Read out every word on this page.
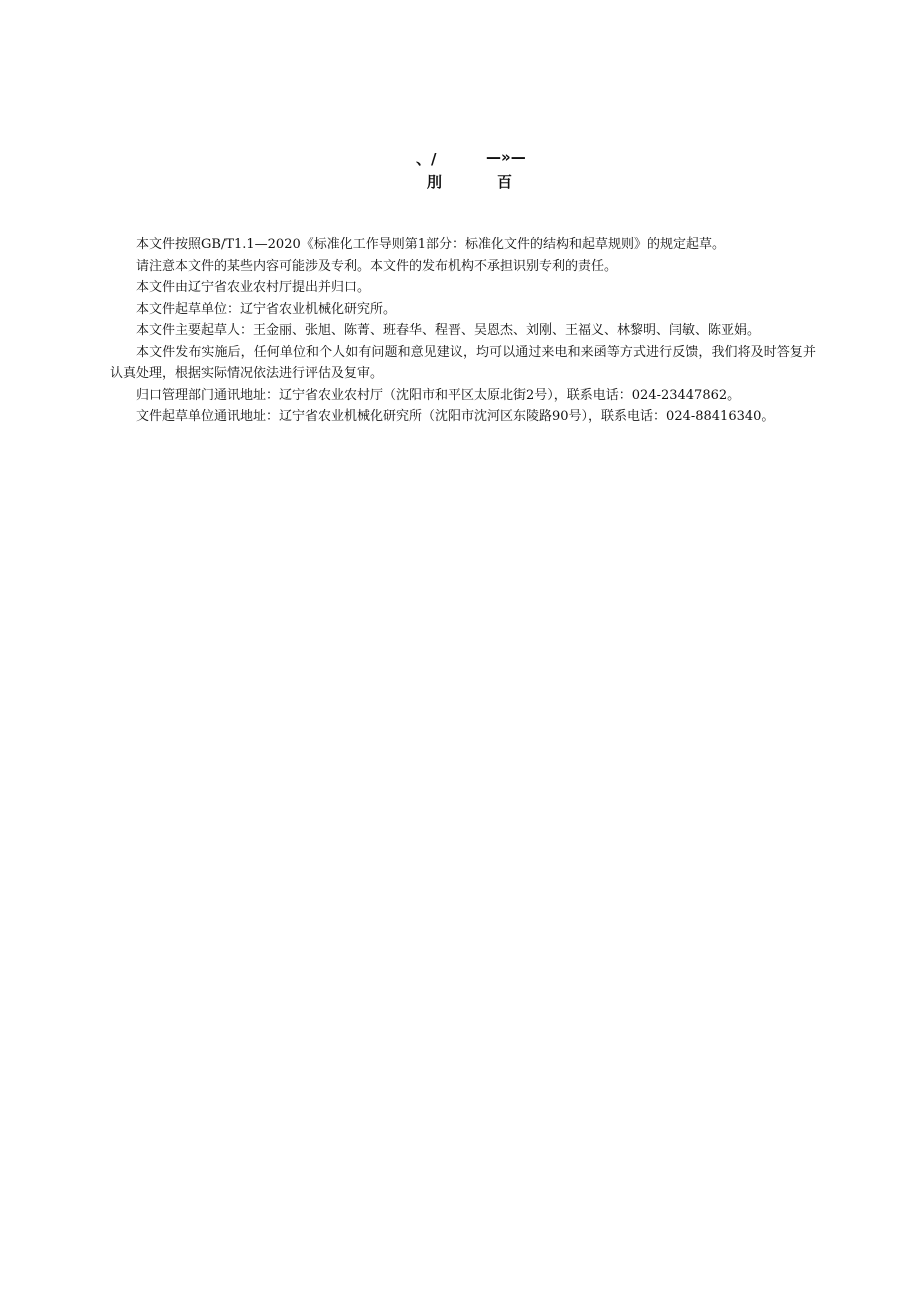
、/	—»—
刖	百

本文件按照GB/T1.1—2020《标准化工作导则第1部分：标准化文件的结构和起草规则》的规定起草。

请注意本文件的某些内容可能涉及专利。本文件的发布机构不承担识别专利的责任。

本文件由辽宁省农业农村厅提出并归口。

本文件起草单位：辽宁省农业机械化研究所。

本文件主要起草人：王金丽、张旭、陈菁、班春华、程晋、吴恩杰、刘刚、王福义、林黎明、闫敏、陈亚娟。

本文件发布实施后，任何单位和个人如有问题和意见建议，均可以通过来电和来函等方式进行反馈，我们将及时答复并认真处理，根据实际情况依法进行评估及复审。

归口管理部门通讯地址：辽宁省农业农村厅（沈阳市和平区太原北街2号），联系电话：024-23447862。

文件起草单位通讯地址：辽宁省农业机械化研究所（沈阳市沈河区东陵路90号），联系电话：024-88416340。
